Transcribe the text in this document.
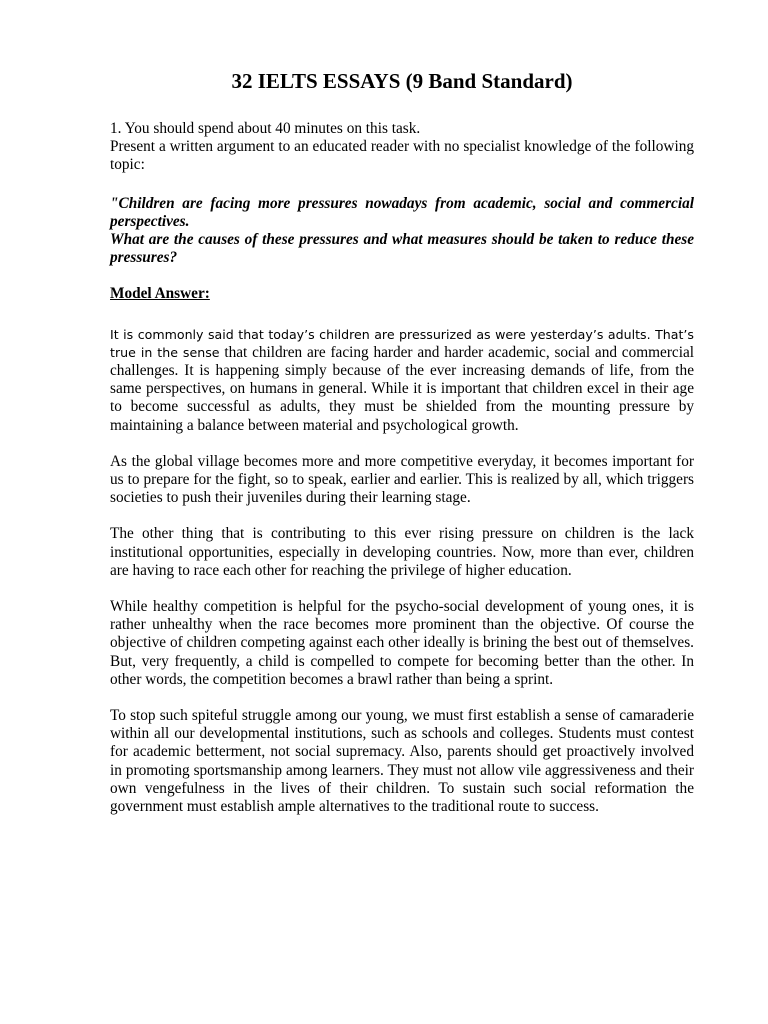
32 IELTS ESSAYS (9 Band Standard)

1. You should spend about 40 minutes on this task.

Present a written argument to an educated reader with no specialist knowledge of the following topic:

"Children are facing more pressures nowadays from academic, social and commercial perspectives.

What are the causes of these pressures and what measures should be taken to reduce these pressures?

Model Answer:

It is commonly said that today’s children are pressurized as were yesterday’s adults. That’s true in the sense that children are facing harder and harder academic, social and commercial challenges. It is happening simply because of the ever increasing demands of life, from the same perspectives, on humans in general. While it is important that children excel in their age to become successful as adults, they must be shielded from the mounting pressure by maintaining a balance between material and psychological growth.

As the global village becomes more and more competitive everyday, it becomes important for us to prepare for the fight, so to speak, earlier and earlier. This is realized by all, which triggers societies to push their juveniles during their learning stage.

The other thing that is contributing to this ever rising pressure on children is the lack institutional opportunities, especially in developing countries. Now, more than ever, children are having to race each other for reaching the privilege of higher education.

While healthy competition is helpful for the psycho-social development of young ones, it is rather unhealthy when the race becomes more prominent than the objective. Of course the objective of children competing against each other ideally is brining the best out of themselves. But, very frequently, a child is compelled to compete for becoming better than the other. In other words, the competition becomes a brawl rather than being a sprint.

To stop such spiteful struggle among our young, we must first establish a sense of camaraderie within all our developmental institutions, such as schools and colleges. Students must contest for academic betterment, not social supremacy. Also, parents should get proactively involved in promoting sportsmanship among learners. They must not allow vile aggressiveness and their own vengefulness in the lives of their children. To sustain such social reformation the government must establish ample alternatives to the traditional route to success.
